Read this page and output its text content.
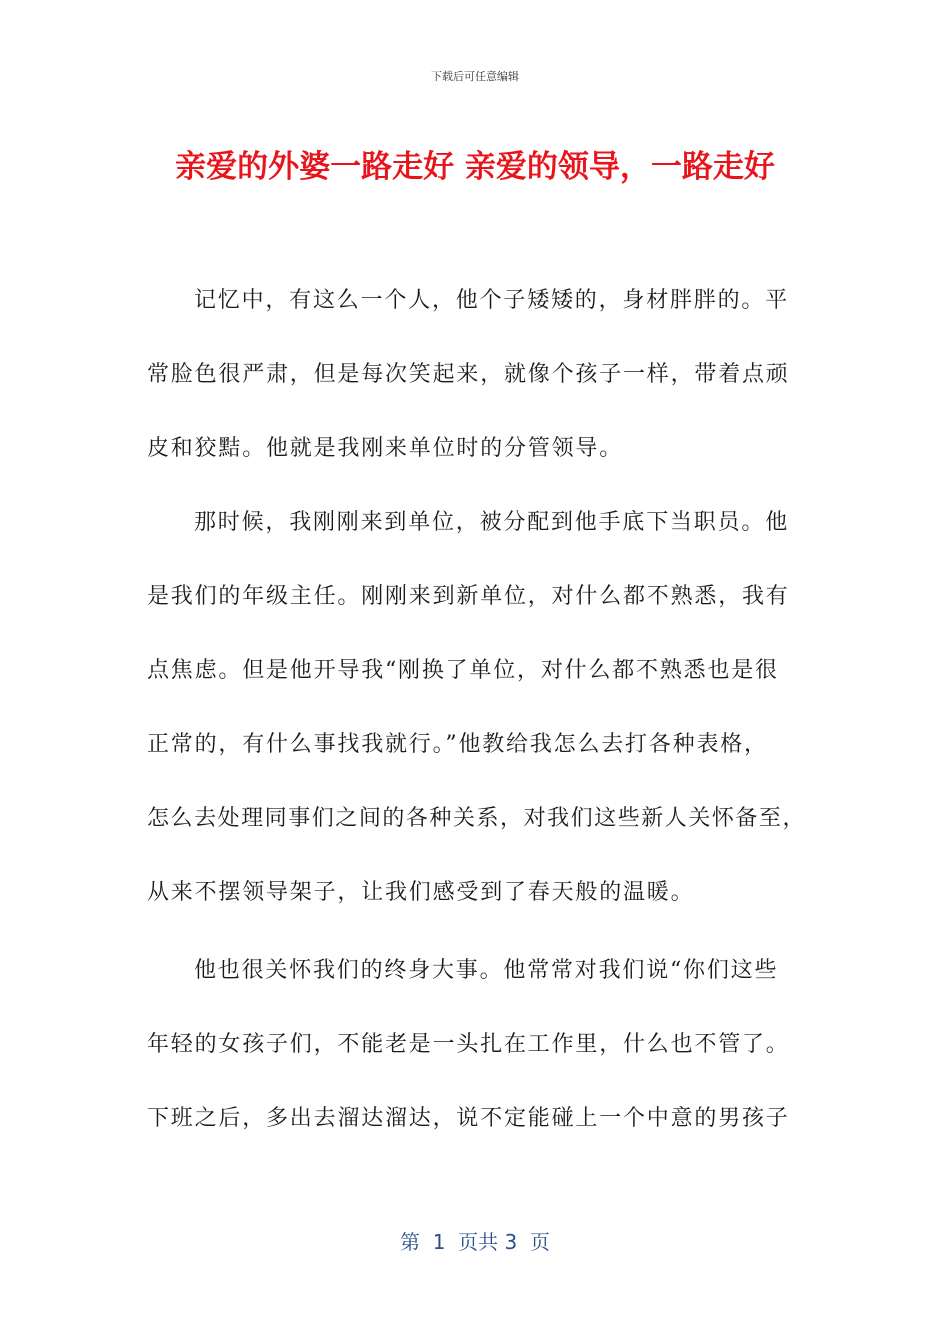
下载后可任意编辑
亲爱的外婆一路走好 亲爱的领导，一路走好
记忆中，有这么一个人，他个子矮矮的，身材胖胖的。平
常脸色很严肃，但是每次笑起来，就像个孩子一样，带着点顽
皮和狡黠。他就是我刚来单位时的分管领导。
那时候，我刚刚来到单位，被分配到他手底下当职员。他
是我们的年级主任。刚刚来到新单位，对什么都不熟悉，我有
点焦虑。但是他开导我“刚换了单位，对什么都不熟悉也是很
正常的，有什么事找我就行。”他教给我怎么去打各种表格，
怎么去处理同事们之间的各种关系，对我们这些新人关怀备至，
从来不摆领导架子，让我们感受到了春天般的温暖。
他也很关怀我们的终身大事。他常常对我们说“你们这些
年轻的女孩子们，不能老是一头扎在工作里，什么也不管了。
下班之后，多出去溜达溜达，说不定能碰上一个中意的男孩子
第  1  页共 3  页
